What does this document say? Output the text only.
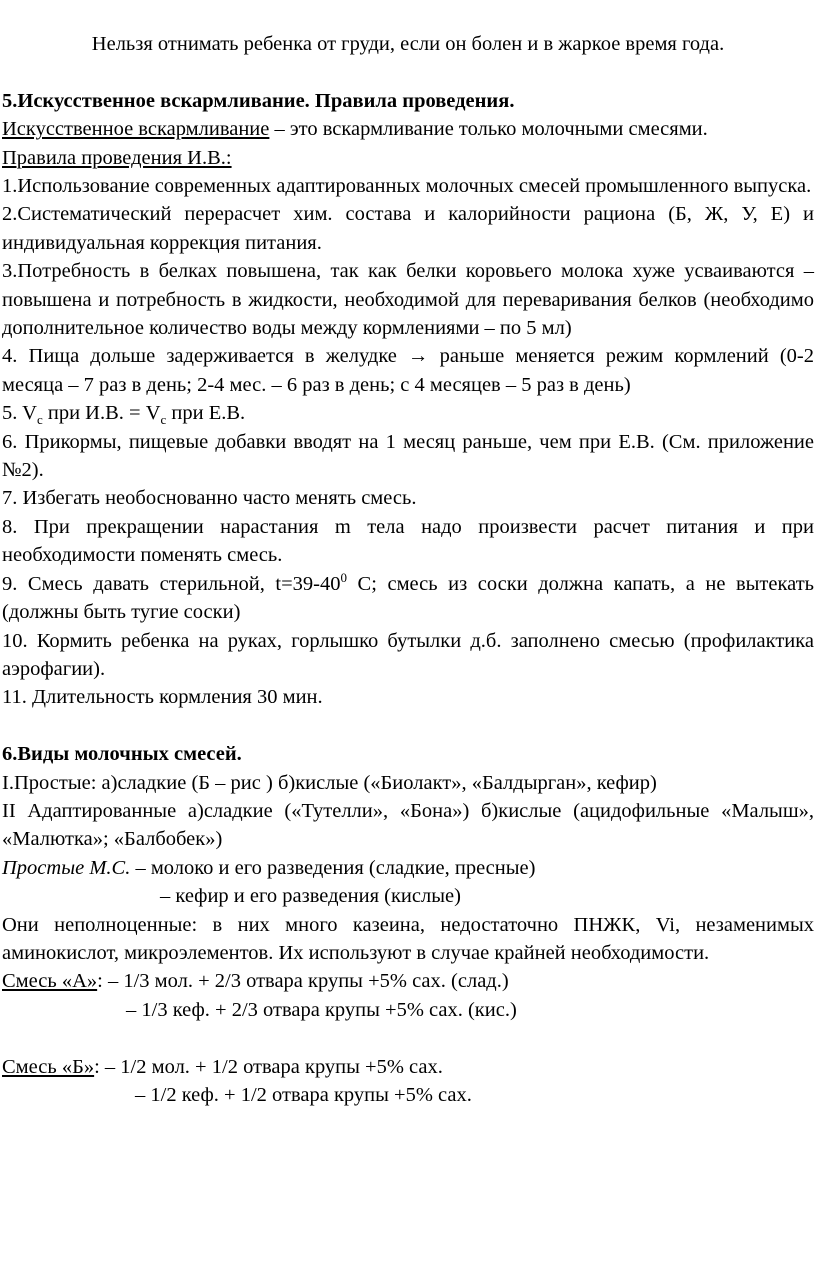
Нельзя отнимать ребенка от груди, если он болен и в жаркое время года.

5.Искусственное вскармливание. Правила проведения.

Искусственное вскармливание – это вскармливание только молочными смесями.

Правила проведения И.В.:

1.Использование современных адаптированных молочных смесей промышленного выпуска.

2.Систематический перерасчет хим. состава и калорийности рациона (Б, Ж, У, Е) и индивидуальная коррекция питания.

3.Потребность в белках повышена, так как белки коровьего молока хуже усваиваются – повышена и потребность в жидкости, необходимой для переваривания белков (необходимо дополнительное количество воды между кормлениями – по 5 мл)

4. Пища дольше задерживается в желудке → раньше меняется режим кормлений (0-2 месяца – 7 раз в день; 2-4 мес. – 6 раз в день; с 4 месяцев – 5 раз в день)

5. $V_c$ при И.В. = $V_c$ при Е.В.

6. Прикормы, пищевые добавки вводят на 1 месяц раньше, чем при Е.В. (См. приложение №2).

7. Избегать необоснованно часто менять смесь.

8. При прекращении нарастания m тела надо произвести расчет питания и при необходимости поменять смесь.

9. Смесь давать стерильной, $t=39-40^0$ С; смесь из соски должна капать, а не вытекать (должны быть тугие соски)

10. Кормить ребенка на руках, горлышко бутылки д.б. заполнено смесью (профилактика аэрофагии).

11. Длительность кормления 30 мин.

6.Виды молочных смесей.

I.Простые: а)сладкие (Б – рис ) б)кислые («Биолакт», «Балдырган», кефир)

II Адаптированные а)сладкие («Тутелли», «Бона») б)кислые (ацидофильные «Малыш», «Малютка»; «Балбобек»)

Простые М.С. – молоко и его разведения (сладкие, пресные)

– кефир и его разведения (кислые)

Они неполноценные: в них много казеина, недостаточно ПНЖК, Vi, незаменимых аминокислот, микроэлементов. Их используют в случае крайней необходимости.

Смесь «А»: – 1/3 мол. + 2/3 отвара крупы +5% сах. (слад.)

– 1/3 кеф. + 2/3 отвара крупы +5% сах. (кис.)

Смесь «Б»: – 1/2 мол. + 1/2 отвара крупы +5% сах.

– 1/2 кеф. + 1/2 отвара крупы +5% сах.
